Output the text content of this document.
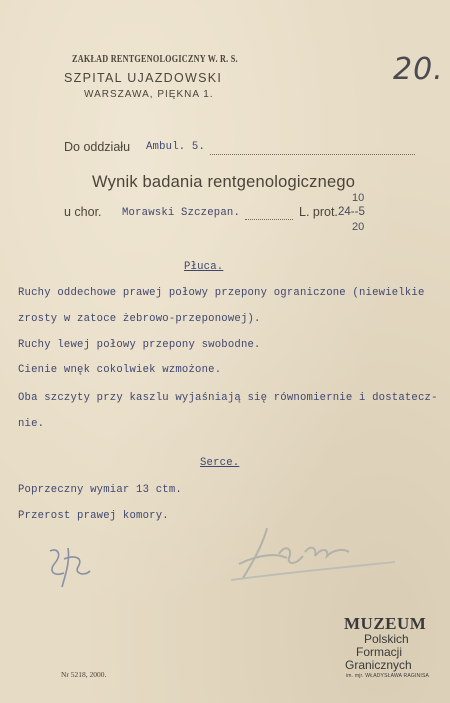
ZAKŁAD RENTGENOLOGICZNY W. R. S.
SZPITAL UJAZDOWSKI
WARSZAWA, PIĘKNA 1.
20.
Do oddziału Ambul. 5.
Wynik badania rentgenologicznego
u chor. Morawski Szczepan.	L. prot.
10
24--5
20
Płuca.
Ruchy oddechowe prawej połowy przepony ograniczone (niewielkie
zrosty w zatoce żebrowo-przeponowej).
Ruchy lewej połowy przepony swobodne.
Cienie wnęk cokolwiek wzmożone.
Oba szczyty przy kaszlu wyjaśniają się równomiernie i dostatecz-
nie.
Serce.
Poprzeczny wymiar 13 ctm.
Przerost prawej komory.
MUZEUM
Polskich
Formacji
Granicznych
im. mjr. WŁADYSŁAWA RAGINISA
Nr 5218, 2000.
